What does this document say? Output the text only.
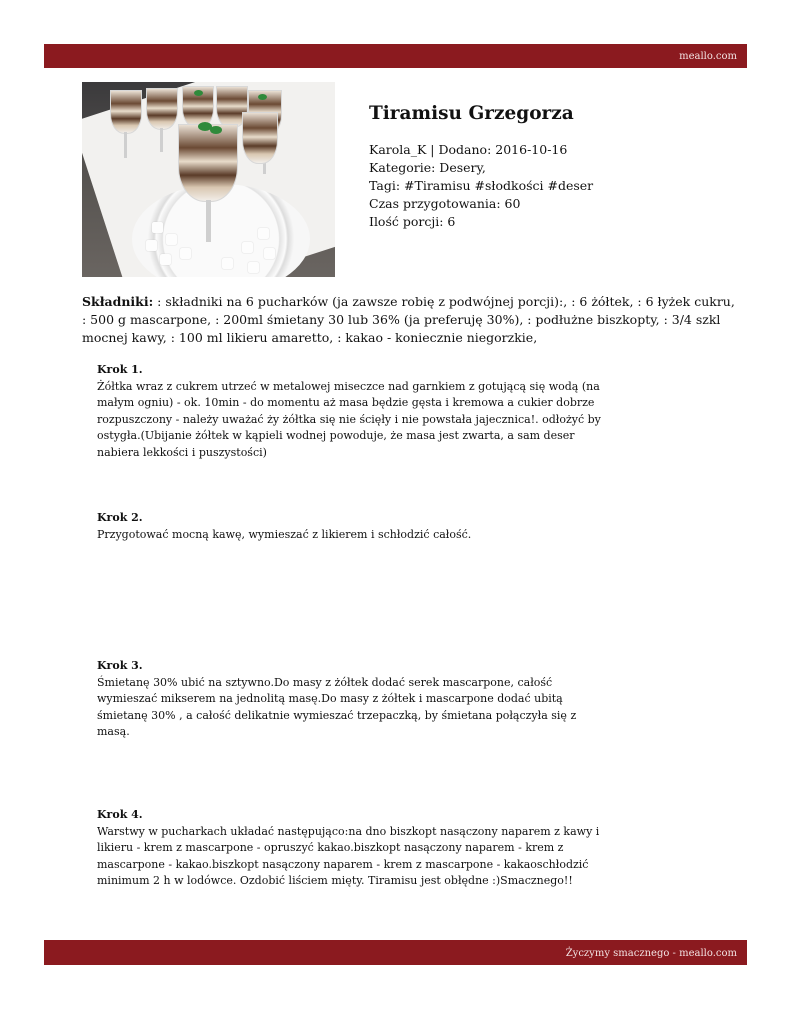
meallo.com
Tiramisu Grzegorza
Karola_K | Dodano: 2016-10-16
Kategorie: Desery,
Tagi: #Tiramisu #słodkości #deser
Czas przygotowania: 60
Ilość porcji: 6
Składniki: : składniki na 6 pucharków (ja zawsze robię z podwójnej porcji):, : 6 żółtek, : 6 łyżek cukru, : 500 g mascarpone, : 200ml śmietany 30 lub 36% (ja preferuję 30%), : podłużne biszkopty, : 3/4 szkl mocnej kawy, : 100 ml likieru amaretto, : kakao - koniecznie niegorzkie,
Krok 1.
Żółtka wraz z cukrem utrzeć w metalowej miseczce nad garnkiem z gotującą się wodą (na małym ogniu) - ok. 10min - do momentu aż masa będzie gęsta i kremowa a cukier dobrze rozpuszczony - należy uważać ży żółtka się nie ścięły i nie powstała jajecznica!. odłożyć by ostygła.(Ubijanie żółtek w kąpieli wodnej powoduje, że masa jest zwarta, a sam deser nabiera lekkości i puszystości)
Krok 2.
Przygotować mocną kawę, wymieszać z likierem i schłodzić całość.
Krok 3.
Śmietanę 30% ubić na sztywno.Do masy z żółtek dodać serek mascarpone, całość wymieszać mikserem na jednolitą masę.Do masy z żółtek i mascarpone dodać ubitą śmietanę 30% , a całość delikatnie wymieszać trzepaczką, by śmietana połączyła się z masą.
Krok 4.
Warstwy w pucharkach układać następująco:na dno biszkopt nasączony naparem z kawy i likieru - krem z mascarpone - opruszyć kakao.biszkopt nasączony naparem - krem z mascarpone - kakao.biszkopt nasączony naparem - krem z mascarpone - kakaoschłodzić minimum 2 h w lodówce. Ozdobić liściem mięty. Tiramisu jest obłędne :)Smacznego!!
Życzymy smacznego - meallo.com
